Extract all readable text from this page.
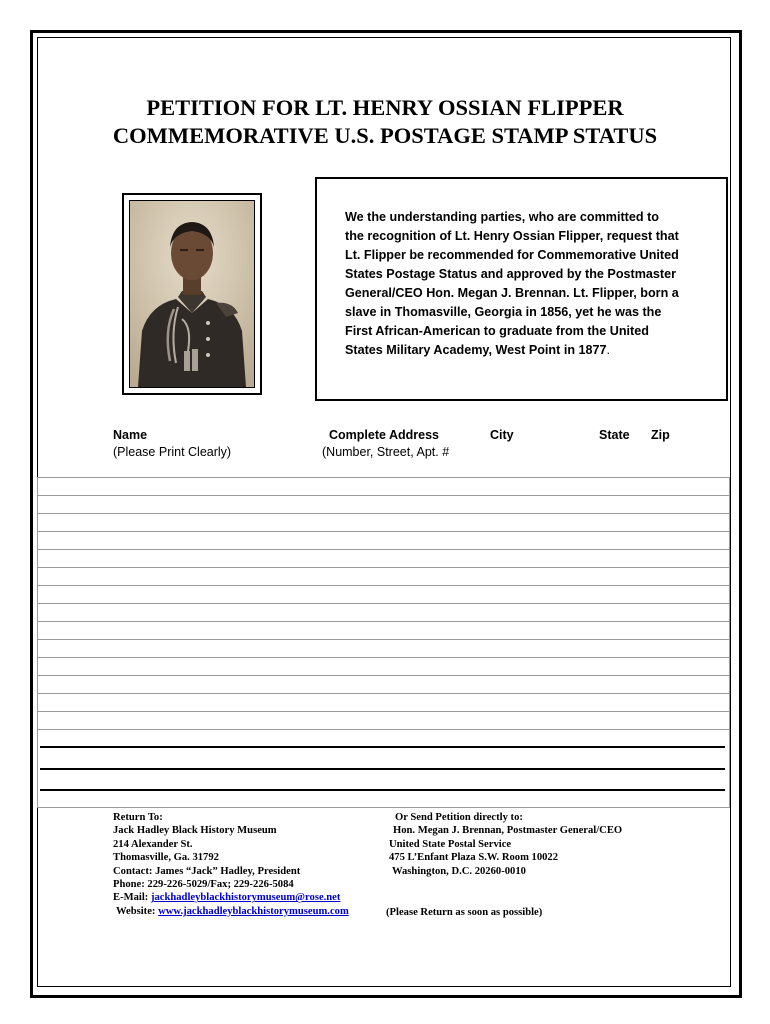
PETITION FOR LT. HENRY OSSIAN FLIPPER
COMMEMORATIVE U.S. POSTAGE STAMP STATUS
We the understanding parties, who are committed to
the recognition of Lt. Henry Ossian Flipper, request that
Lt. Flipper be recommended for Commemorative United
States Postage Status and approved by the Postmaster
General/CEO Hon. Megan J. Brennan. Lt. Flipper, born a
slave in Thomasville, Georgia in 1856, yet he was the
First African-American to graduate from the United
States Military Academy, West Point in 1877.
Name
(Please Print Clearly)
Complete Address
(Number, Street, Apt. #
City	State Zip
Return To:
Jack Hadley Black History Museum
214 Alexander St.
Thomasville, Ga. 31792
Contact: James “Jack” Hadley, President
Phone: 229-226-5029/Fax; 229-226-5084
E-Mail: jackhadleyblackhistorymuseum@rose.net
Website: www.jackhadleyblackhistorymuseum.com
Or Send Petition directly to:
Hon. Megan J. Brennan, Postmaster General/CEO
United State Postal Service
475 L’Enfant Plaza S.W. Room 10022
Washington, D.C. 20260-0010
(Please Return as soon as possible)
